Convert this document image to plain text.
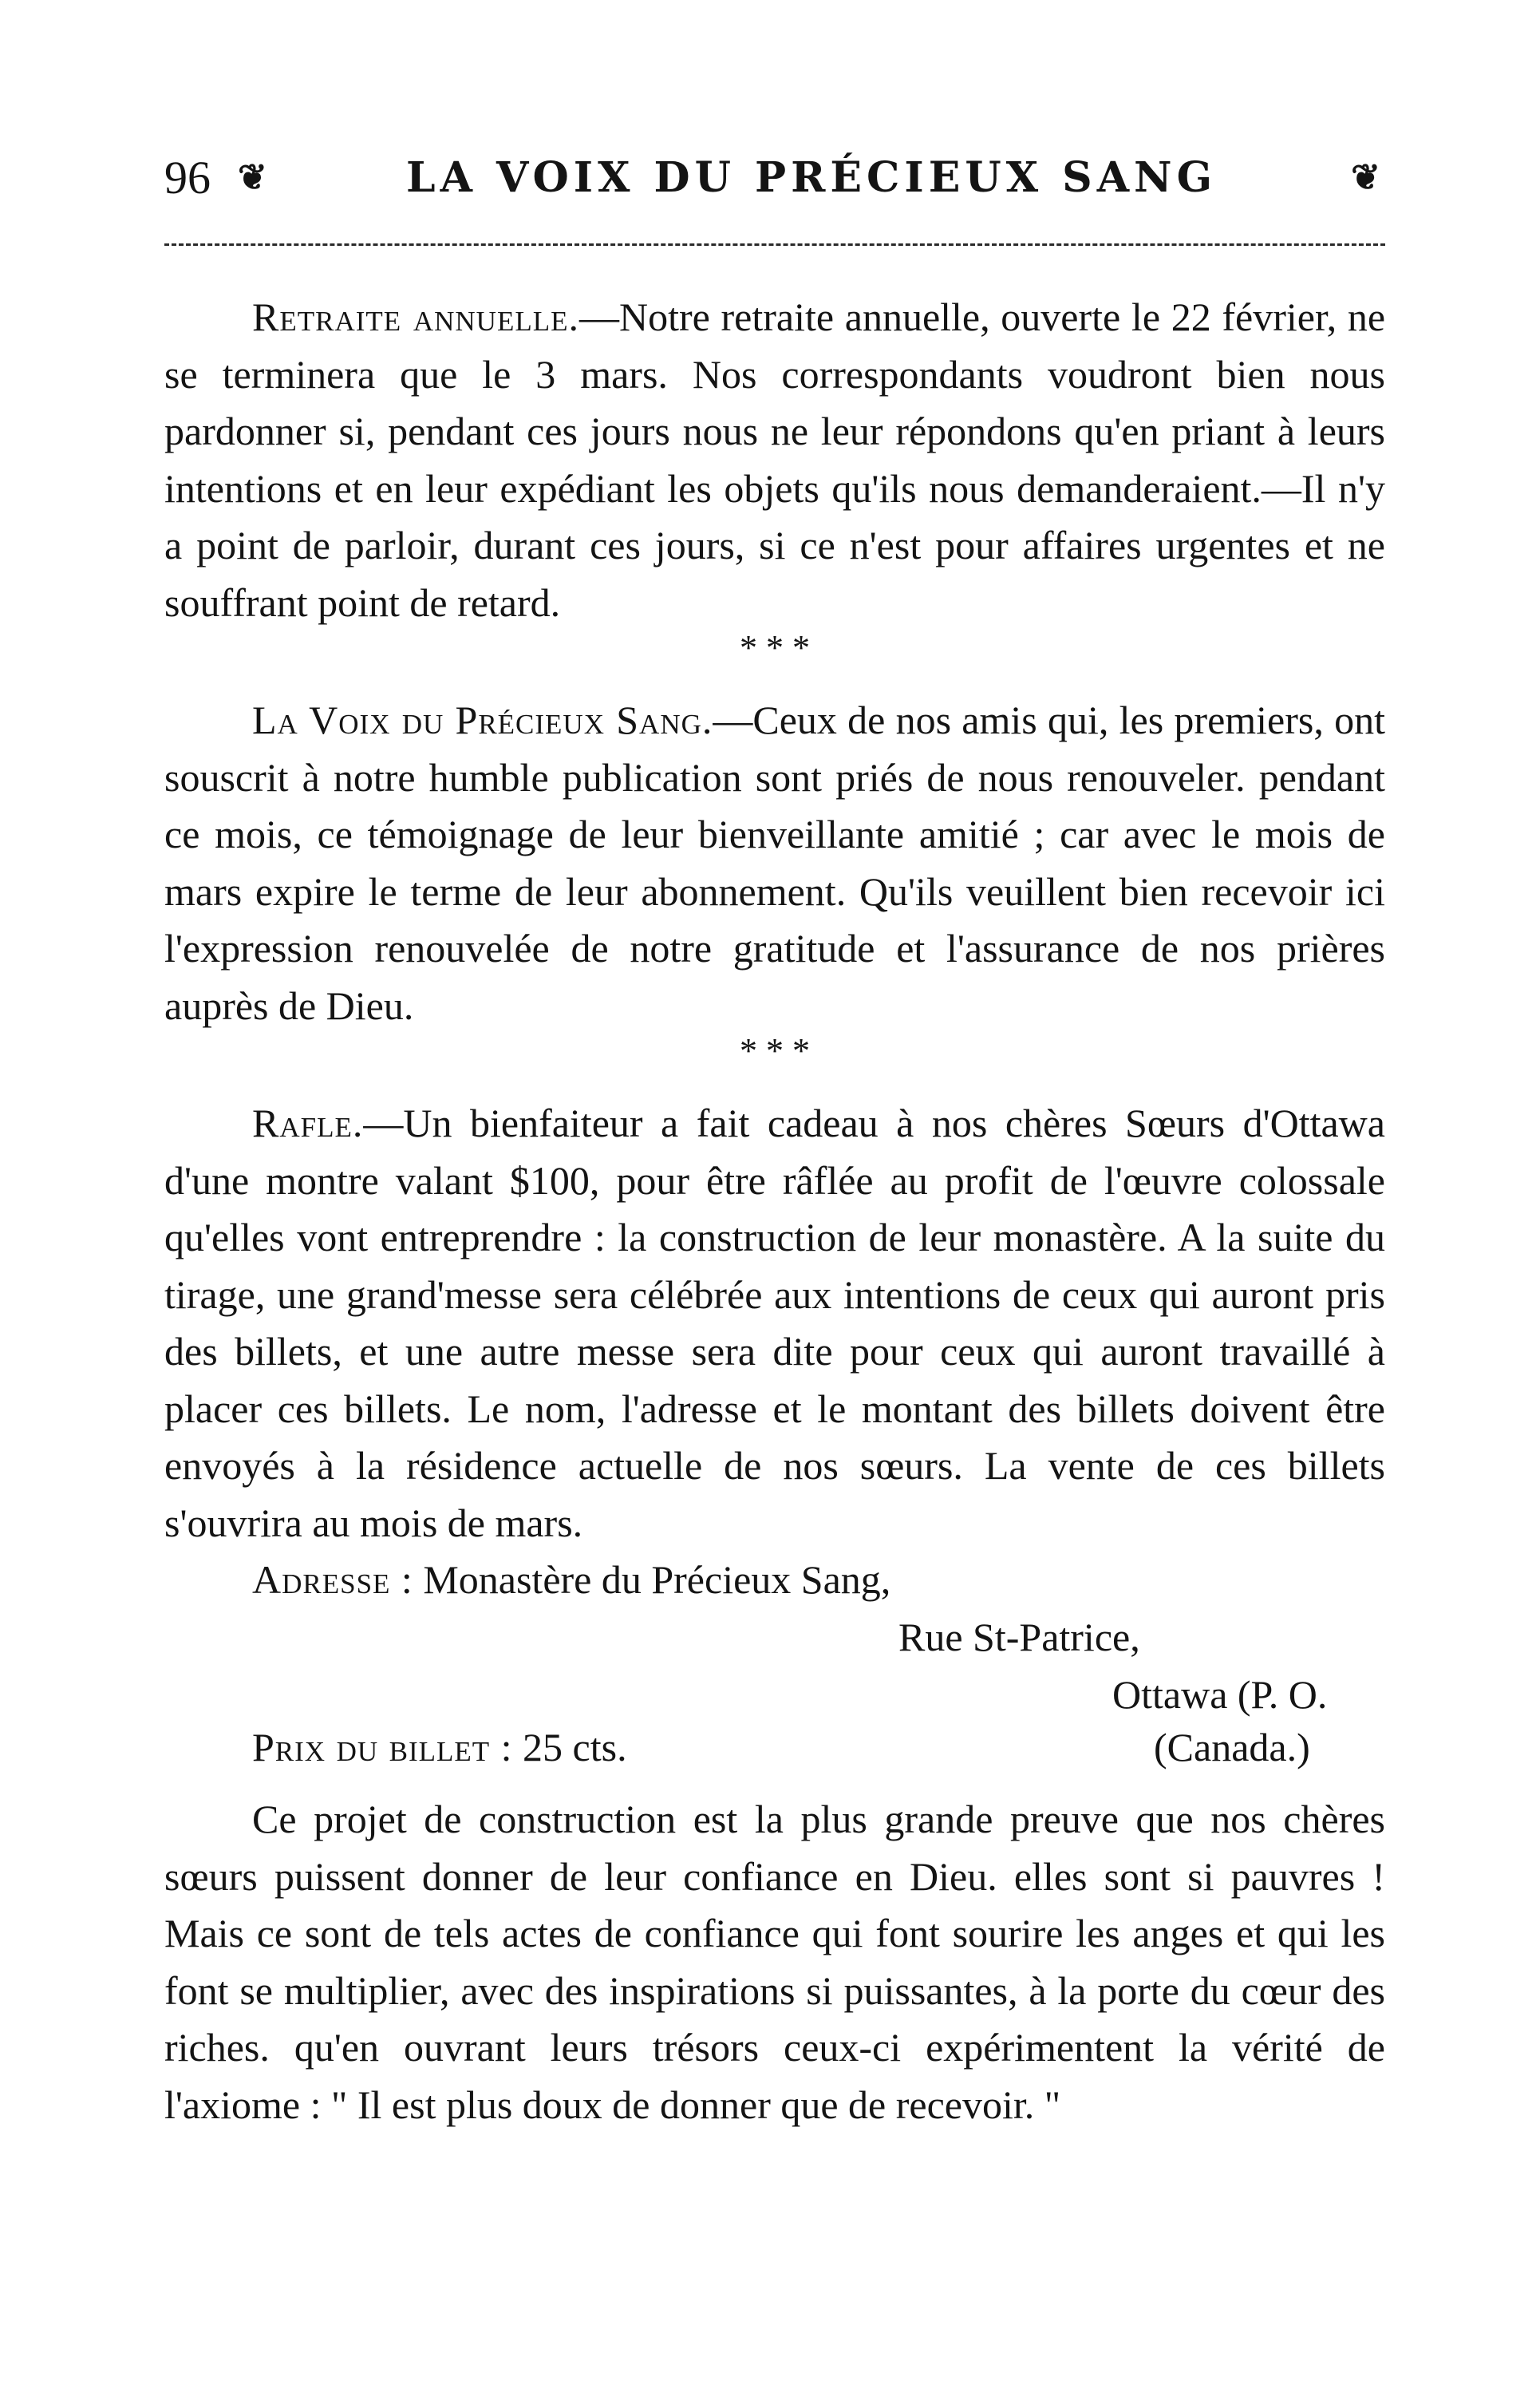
96 ❦	LA VOIX DU PRÉCIEUX SANG	❦

Retraite annuelle.—Notre retraite annuelle, ouverte le 22 février, ne se terminera que le 3 mars. Nos correspondants voudront bien nous pardonner si, pendant ces jours nous ne leur répondons qu'en priant à leurs intentions et en leur expédiant les objets qu'ils nous demanderaient.—Il n'y a point de parloir, durant ces jours, si ce n'est pour affaires urgentes et ne souffrant point de retard.

* * *

La Voix du Précieux Sang.—Ceux de nos amis qui, les premiers, ont souscrit à notre humble publication sont priés de nous renouveler. pendant ce mois, ce témoignage de leur bienveillante amitié ; car avec le mois de mars expire le terme de leur abonnement. Qu'ils veuillent bien recevoir ici l'expression renouvelée de notre gratitude et l'assurance de nos prières auprès de Dieu.

* * *

Rafle.—Un bienfaiteur a fait cadeau à nos chères Sœurs d'Ottawa d'une montre valant $100, pour être râflée au profit de l'œuvre colossale qu'elles vont entreprendre : la construction de leur monastère. A la suite du tirage, une grand'messe sera célébrée aux intentions de ceux qui auront pris des billets, et une autre messe sera dite pour ceux qui auront travaillé à placer ces billets. Le nom, l'adresse et le montant des billets doivent être envoyés à la résidence actuelle de nos sœurs. La vente de ces billets s'ouvrira au mois de mars.

Adresse : Monastère du Précieux Sang,
Rue St-Patrice,
Ottawa (P. O.
Prix du billet : 25 cts.	(Canada.)

Ce projet de construction est la plus grande preuve que nos chères sœurs puissent donner de leur confiance en Dieu. elles sont si pauvres ! Mais ce sont de tels actes de confiance qui font sourire les anges et qui les font se multiplier, avec des inspirations si puissantes, à la porte du cœur des riches. qu'en ouvrant leurs trésors ceux-ci expérimentent la vérité de l'axiome : " Il est plus doux de donner que de recevoir. "
